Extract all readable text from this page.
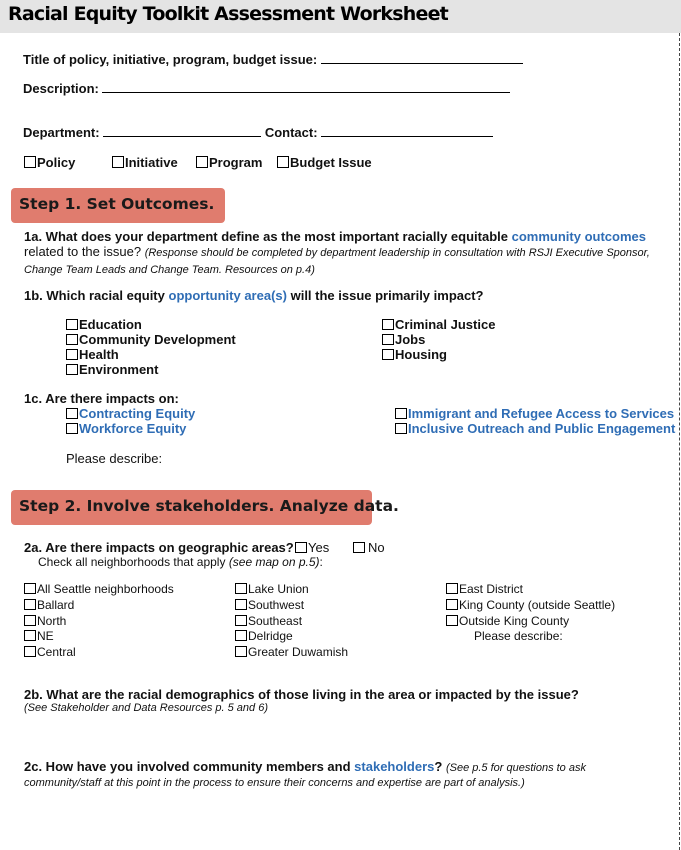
Racial Equity Toolkit Assessment Worksheet
Title of policy, initiative, program, budget issue:
Description:
Department:	Contact:
Policy	Initiative	Program	Budget Issue
Step 1. Set Outcomes.
1a. What does your department define as the most important racially equitable community outcomes related to the issue? (Response should be completed by department leadership in consultation with RSJI Executive Sponsor, Change Team Leads and Change Team. Resources on p.4)
1b. Which racial equity opportunity area(s) will the issue primarily impact?
Education
Community Development
Health
Environment
Criminal Justice
Jobs
Housing
1c. Are there impacts on:
Contracting Equity
Workforce Equity
Immigrant and Refugee Access to Services
Inclusive Outreach and Public Engagement
Please describe:
Step 2. Involve stakeholders. Analyze data.
2a. Are there impacts on geographic areas?	Yes	No
Check all neighborhoods that apply (see map on p.5):
All Seattle neighborhoods
Ballard
North
NE
Central
Lake Union
Southwest
Southeast
Delridge
Greater Duwamish
East District
King County (outside Seattle)
Outside King County
Please describe:
2b. What are the racial demographics of those living in the area or impacted by the issue?
(See Stakeholder and Data Resources p. 5 and 6)
2c. How have you involved community members and stakeholders? (See p.5 for questions to ask community/staff at this point in the process to ensure their concerns and expertise are part of analysis.)
